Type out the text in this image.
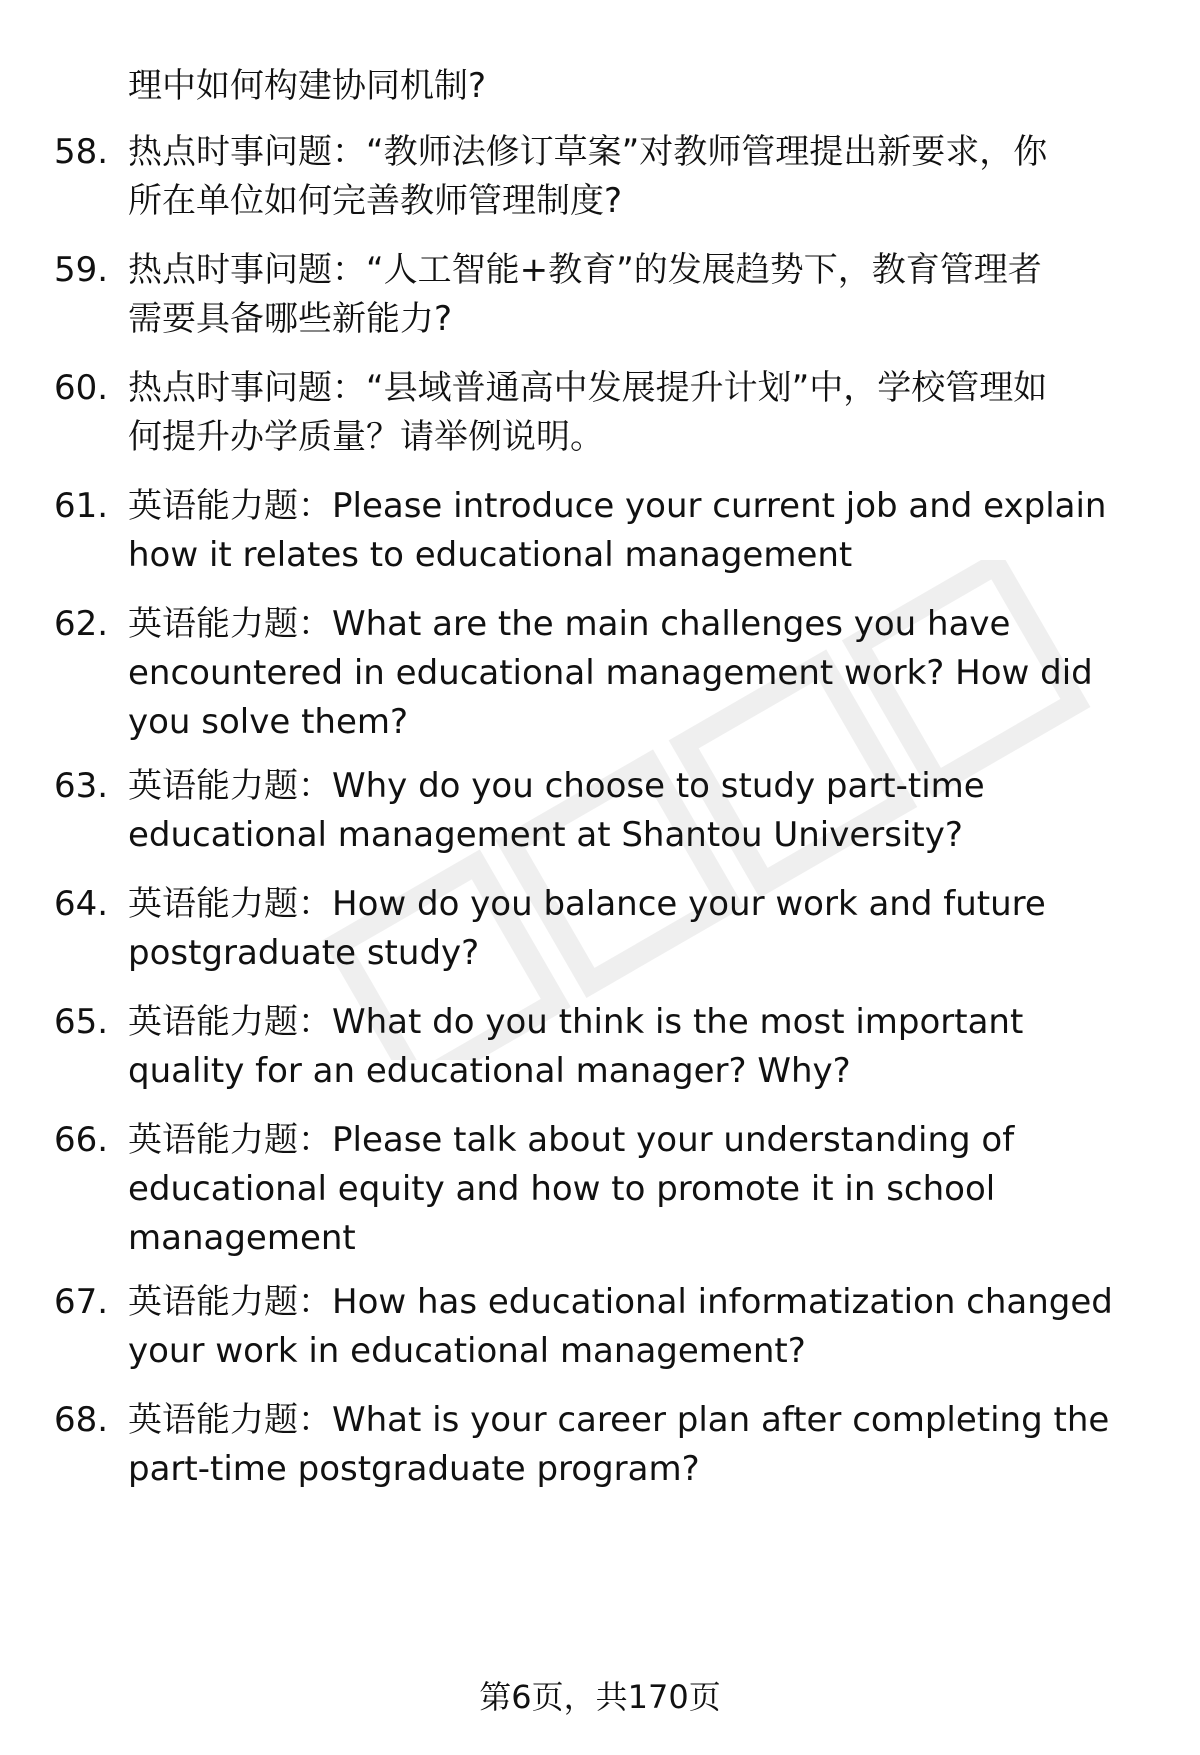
理中如何构建协同机制?
58. 热点时事问题：“教师法修订草案”对教师管理提出新要求，你
所在单位如何完善教师管理制度?
59. 热点时事问题：“人工智能+教育”的发展趋势下，教育管理者
需要具备哪些新能力?
60. 热点时事问题：“县域普通高中发展提升计划”中，学校管理如
何提升办学质量？请举例说明。
61. 英语能力题：Please introduce your current job and explain
how it relates to educational management
62. 英语能力题：What are the main challenges you have
encountered in educational management work? How did
you solve them?
63. 英语能力题：Why do you choose to study part-time
educational management at Shantou University?
64. 英语能力题：How do you balance your work and future
postgraduate study?
65. 英语能力题：What do you think is the most important
quality for an educational manager? Why?
66. 英语能力题：Please talk about your understanding of
educational equity and how to promote it in school
management
67. 英语能力题：How has educational informatization changed
your work in educational management?
68. 英语能力题：What is your career plan after completing the
part-time postgraduate program?
第6页，共170页
